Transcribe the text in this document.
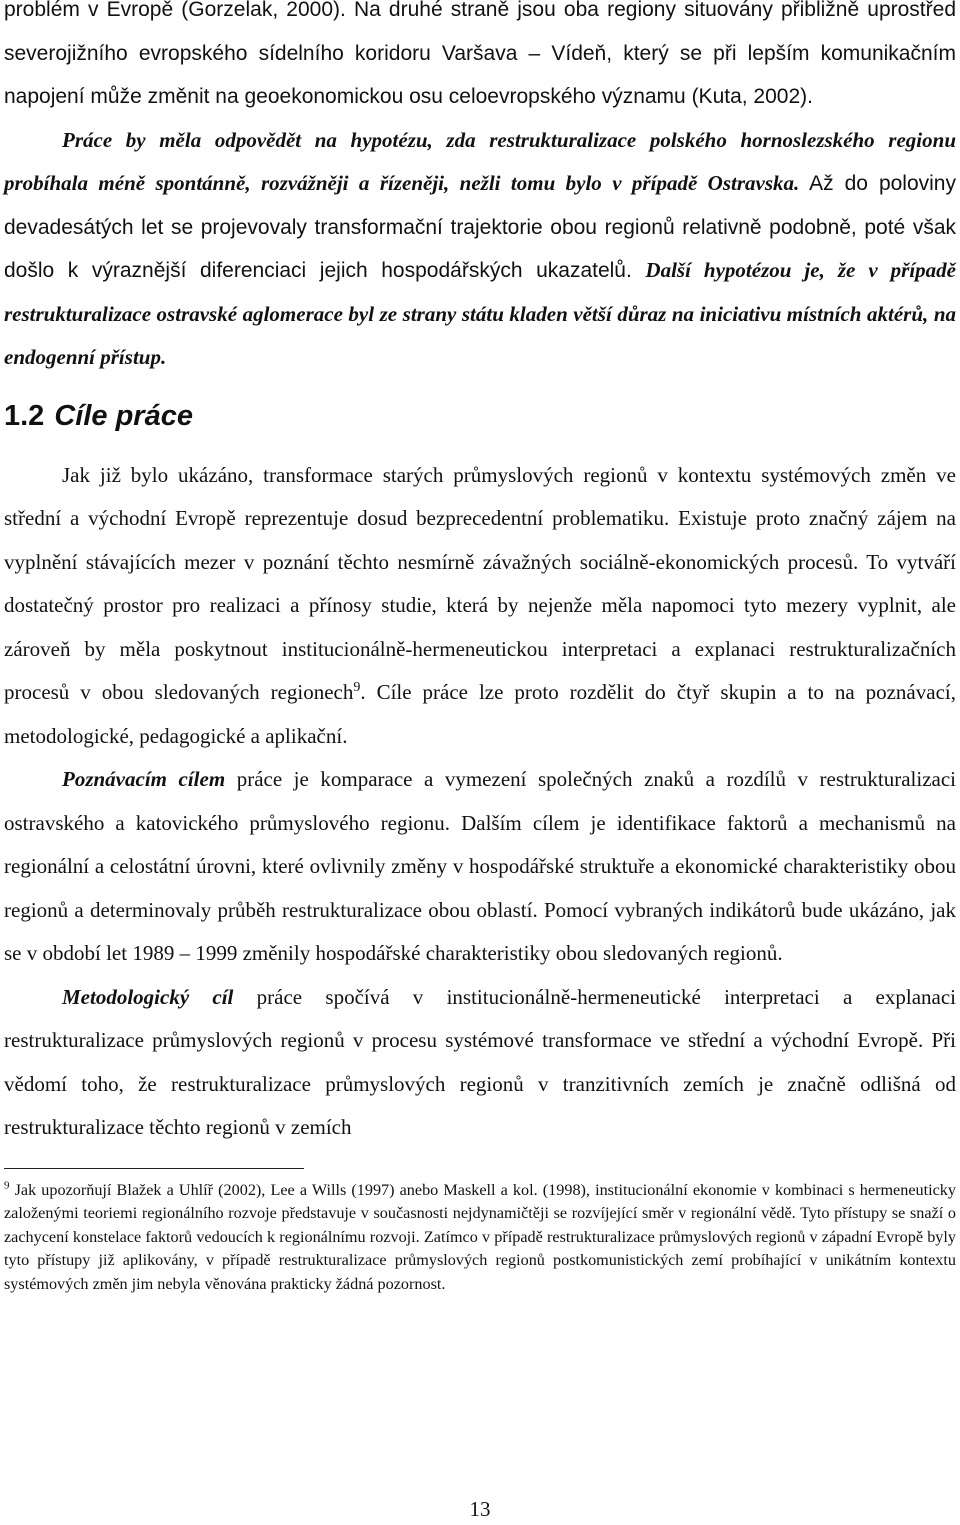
problém v Evropě (Gorzelak, 2000). Na druhé straně jsou oba regiony situovány přibližně uprostřed severojižního evropského sídelního koridoru Varšava – Vídeň, který se při lepším komunikačním napojení může změnit na geoekonomickou osu celoevropského významu (Kuta, 2002).

Práce by měla odpovědět na hypotézu, zda restrukturalizace polského hornoslezského regionu probíhala méně spontánně, rozvážněji a řízeněji, nežli tomu bylo v případě Ostravska. Až do poloviny devadesátých let se projevovaly transformační trajektorie obou regionů relativně podobně, poté však došlo k výraznější diferenciaci jejich hospodářských ukazatelů. Další hypotézou je, že v případě restrukturalizace ostravské aglomerace byl ze strany státu kladen větší důraz na iniciativu místních aktérů, na endogenní přístup.

1.2 Cíle práce

Jak již bylo ukázáno, transformace starých průmyslových regionů v kontextu systémových změn ve střední a východní Evropě reprezentuje dosud bezprecedentní problematiku. Existuje proto značný zájem na vyplnění stávajících mezer v poznání těchto nesmírně závažných sociálně-ekonomických procesů. To vytváří dostatečný prostor pro realizaci a přínosy studie, která by nejenže měla napomoci tyto mezery vyplnit, ale zároveň by měla poskytnout institucionálně-hermeneutickou interpretaci a explanaci restrukturalizačních procesů v obou sledovaných regionech$^9$. Cíle práce lze proto rozdělit do čtyř skupin a to na poznávací, metodologické, pedagogické a aplikační.

Poznávacím cílem práce je komparace a vymezení společných znaků a rozdílů v restrukturalizaci ostravského a katovického průmyslového regionu. Dalším cílem je identifikace faktorů a mechanismů na regionální a celostátní úrovni, které ovlivnily změny v hospodářské struktuře a ekonomické charakteristiky obou regionů a determinovaly průběh restrukturalizace obou oblastí. Pomocí vybraných indikátorů bude ukázáno, jak se v období let 1989 – 1999 změnily hospodářské charakteristiky obou sledovaných regionů.

Metodologický cíl práce spočívá v institucionálně-hermeneutické interpretaci a explanaci restrukturalizace průmyslových regionů v procesu systémové transformace ve střední a východní Evropě. Při vědomí toho, že restrukturalizace průmyslových regionů v tranzitivních zemích je značně odlišná od restrukturalizace těchto regionů v zemích

$^9$ Jak upozorňují Blažek a Uhlíř (2002), Lee a Wills (1997) anebo Maskell a kol. (1998), institucionální ekonomie v kombinaci s hermeneuticky založenými teoriemi regionálního rozvoje představuje v současnosti nejdynamičtěji se rozvíjející směr v regionální vědě. Tyto přístupy se snaží o zachycení konstelace faktorů vedoucích k regionálnímu rozvoji. Zatímco v případě restrukturalizace průmyslových regionů v západní Evropě byly tyto přístupy již aplikovány, v případě restrukturalizace průmyslových regionů postkomunistických zemí probíhající v unikátním kontextu systémových změn jim nebyla věnována prakticky žádná pozornost.

13
